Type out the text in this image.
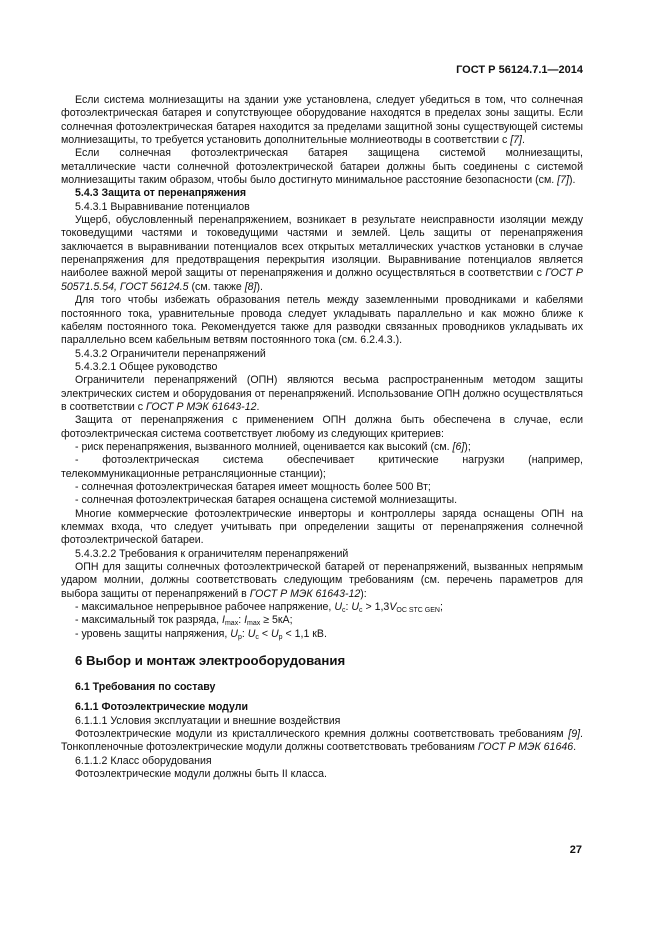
ГОСТ Р 56124.7.1—2014

Если система молниезащиты на здании уже установлена, следует убедиться в том, что солнечная фотоэлектрическая батарея и сопутствующее оборудование находятся в пределах зоны защиты. Если солнечная фотоэлектрическая батарея находится за пределами защитной зоны существующей системы молниезащиты, то требуется установить дополнительные молниеотводы в соответствии с [7].

Если солнечная фотоэлектрическая батарея защищена системой молниезащиты,

металлические части солнечной фотоэлектрической батареи должны быть соединены с системой молниезащиты таким образом, чтобы было достигнуто минимальное расстояние безопасности (см. [7]).

5.4.3 Защита от перенапряжения

5.4.3.1 Выравнивание потенциалов

Ущерб, обусловленный перенапряжением, возникает в результате неисправности изоляции между токоведущими частями и токоведущими частями и землей. Цель защиты от перенапряжения заключается в выравнивании потенциалов всех открытых металлических участков установки в случае перенапряжения для предотвращения перекрытия изоляции. Выравнивание потенциалов является наиболее важной мерой защиты от перенапряжения и должно осуществляться в соответствии с ГОСТ Р 50571.5.54, ГОСТ 56124.5 (см. также [8]).

Для того чтобы избежать образования петель между заземленными проводниками и кабелями постоянного тока, уравнительные провода следует укладывать параллельно и как можно ближе к кабелям постоянного тока. Рекомендуется также для разводки связанных проводников укладывать их параллельно всем кабельным ветвям постоянного тока (см. 6.2.4.3.).

5.4.3.2 Ограничители перенапряжений

5.4.3.2.1 Общее руководство

Ограничители перенапряжений (ОПН) являются весьма распространенным методом защиты электрических систем и оборудования от перенапряжений. Использование ОПН должно осуществляться в соответствии с ГОСТ Р МЭК 61643-12.

Защита от перенапряжения с применением ОПН должна быть обеспечена в случае, если фотоэлектрическая система соответствует любому из следующих критериев:

- риск перенапряжения, вызванного молнией, оценивается как высокий (см. [6]);

- фотоэлектрическая система обеспечивает критические нагрузки (например,

телекоммуникационные ретрансляционные станции);

- солнечная фотоэлектрическая батарея имеет мощность более 500 Вт;

- солнечная фотоэлектрическая батарея оснащена системой молниезащиты.

Многие коммерческие фотоэлектрические инверторы и контроллеры заряда оснащены ОПН на клеммах входа, что следует учитывать при определении защиты от перенапряжения солнечной фотоэлектрической батареи.

5.4.3.2.2 Требования к ограничителям перенапряжений

ОПН для защиты солнечных фотоэлектрической батарей от перенапряжений, вызванных непрямым ударом молнии, должны соответствовать следующим требованиям (см. перечень параметров для выбора защиты от перенапряжений в ГОСТ Р МЭК 61643-12):

- максимальное непрерывное рабочее напряжение, $U_c$: $U_c > 1,3V_{OC STC GEN}$;

- максимальный ток разряда, $I_{max}$: $I_{max} \ge 5кА$;

- уровень защиты напряжения, $U_p$: $U_c < U_p < 1,1$ кВ.

6 Выбор и монтаж электрооборудования

6.1 Требования по составу

6.1.1 Фотоэлектрические модули

6.1.1.1 Условия эксплуатации и внешние воздействия

Фотоэлектрические модули из кристаллического кремния должны соответствовать требованиям [9]. Тонкопленочные фотоэлектрические модули должны соответствовать требованиям ГОСТ Р МЭК 61646.

6.1.1.2 Класс оборудования

Фотоэлектрические модули должны быть II класса.

27
